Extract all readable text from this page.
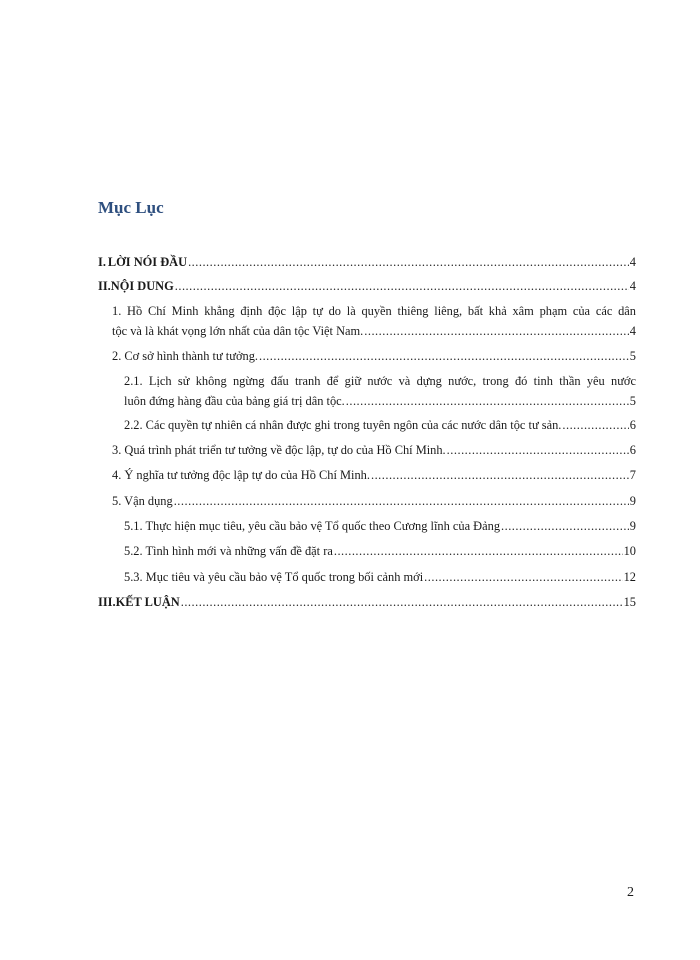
Mục Lục
I. LỜI NÓI ĐẦU .....	4
II. NỘI DUNG .....	4
1. Hồ Chí Minh khẳng định độc lập tự do là quyền thiêng liêng, bất khả xâm phạm của các dân
tộc và là khát vọng lớn nhất của dân tộc Việt Nam. .....	4
2. Cơ sở hình thành tư tưởng. .....	5
2.1. Lịch sử không ngừng đấu tranh để giữ nước và dựng nước, trong đó tinh thần yêu nước
luôn đứng hàng đầu của bảng giá trị dân tộc. .....	5
2.2. Các quyền tự nhiên cá nhân được ghi trong tuyên ngôn của các nước dân tộc tư sản. .....	6
3. Quá trình phát triển tư tưởng về độc lập, tự do của Hồ Chí Minh. .....	6
4. Ý nghĩa tư tưởng độc lập tự do của Hồ Chí Minh. .....	7
5. Vận dụng .....	9
5.1. Thực hiện mục tiêu, yêu cầu bảo vệ Tổ quốc theo Cương lĩnh của Đảng .....	9
5.2. Tình hình mới và những vấn đề đặt ra .....	10
5.3. Mục tiêu và yêu cầu bảo vệ Tổ quốc trong bối cảnh mới .....	12
III. KẾT LUẬN .....	15
2
